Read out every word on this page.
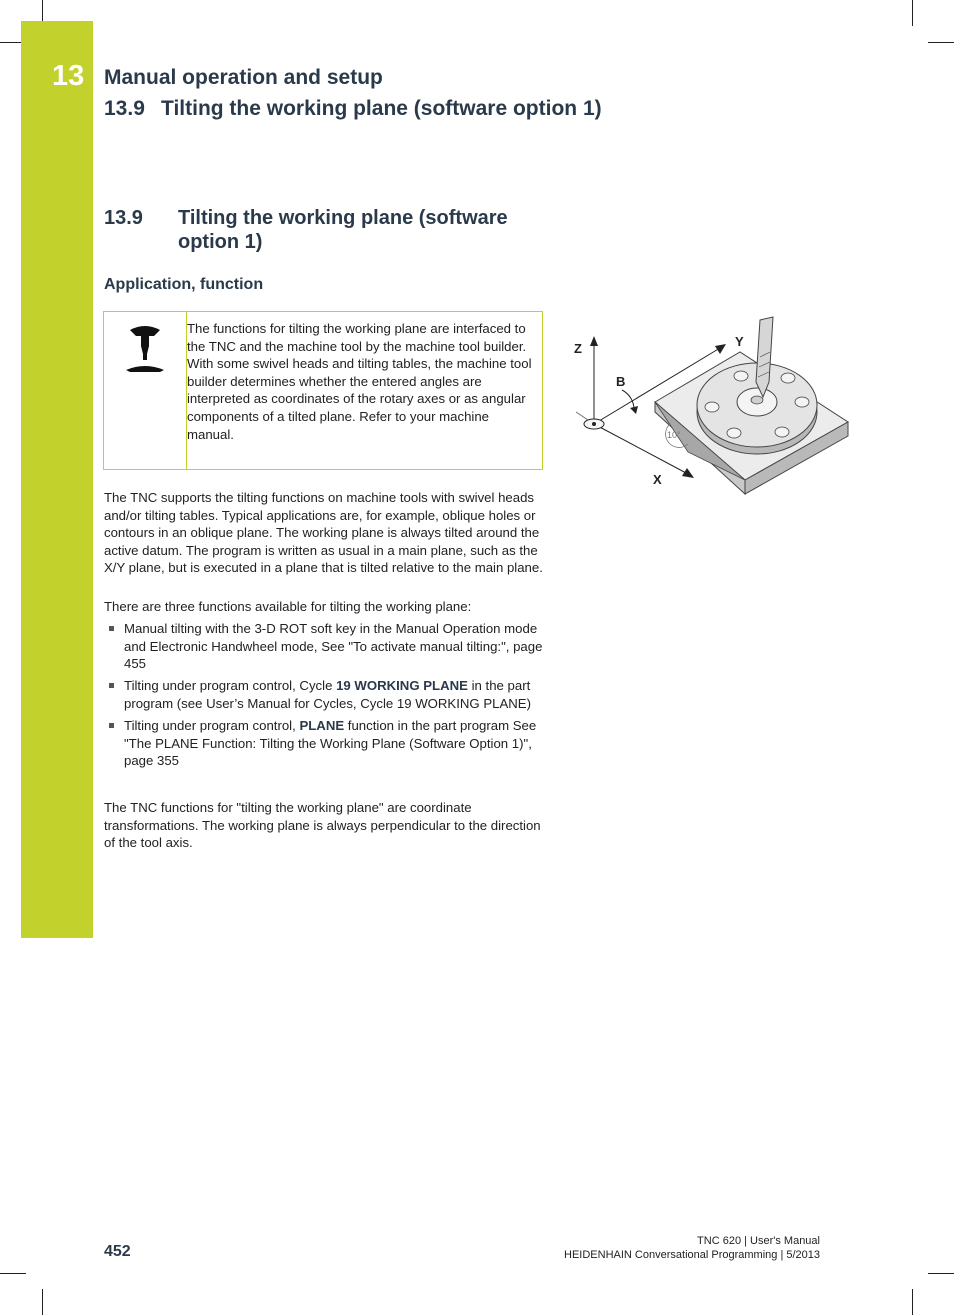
13 Manual operation and setup
13.9 Tilting the working plane (software option 1)
13.9 Tilting the working plane (software option 1)
Application, function
The functions for tilting the working plane are interfaced to the TNC and the machine tool by the machine tool builder. With some swivel heads and tilting tables, the machine tool builder determines whether the entered angles are interpreted as coordinates of the rotary axes or as angular components of a tilted plane. Refer to your machine manual.
The TNC supports the tilting functions on machine tools with swivel heads and/or tilting tables. Typical applications are, for example, oblique holes or contours in an oblique plane. The working plane is always tilted around the active datum. The program is written as usual in a main plane, such as the X/Y plane, but is executed in a plane that is tilted relative to the main plane.
There are three functions available for tilting the working plane:
Manual tilting with the 3-D ROT soft key in the Manual Operation mode and Electronic Handwheel mode, See "To activate manual tilting:", page 455
Tilting under program control, Cycle 19 WORKING PLANE in the part program (see User’s Manual for Cycles, Cycle 19 WORKING PLANE)
Tilting under program control, PLANE function in the part program See "The PLANE Function: Tilting the Working Plane (Software Option 1)", page 355
The TNC functions for "tilting the working plane" are coordinate transformations. The working plane is always perpendicular to the direction of the tool axis.
Z	Y
B
X
10°
452
TNC 620 | User's Manual
HEIDENHAIN Conversational Programming | 5/2013
